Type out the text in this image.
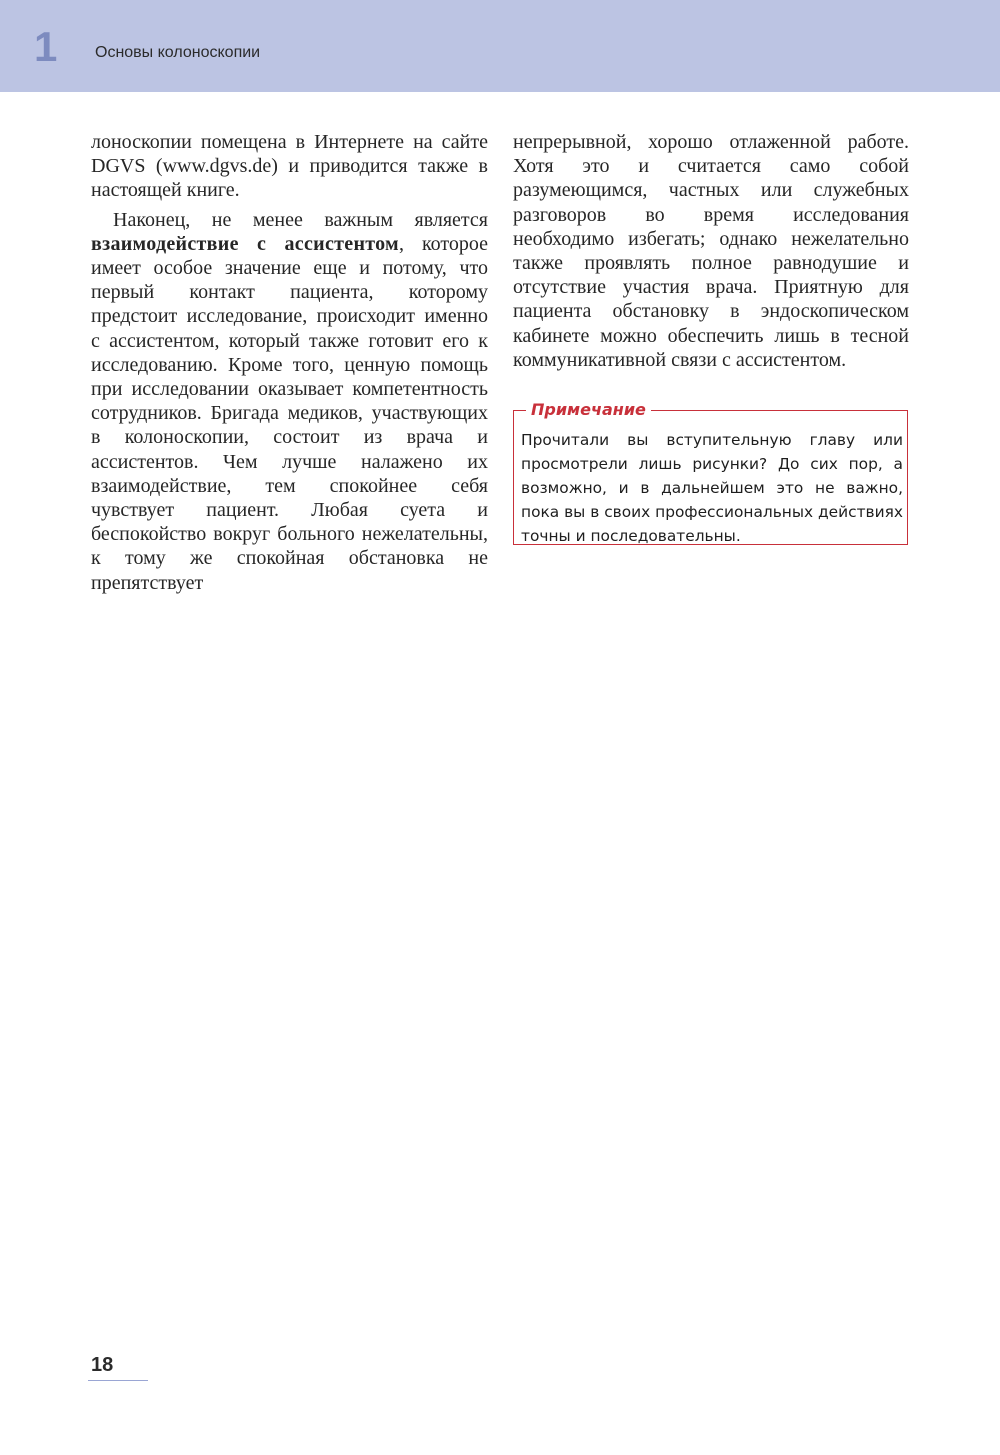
1 Основы колоноскопии

лоноскопии помещена в Интернете на сайте DGVS (www.dgvs.de) и приводится также в настоящей книге.

Наконец, не менее важным является взаимодействие с ассистентом, которое имеет особое значение еще и потому, что первый контакт пациента, которому предстоит исследование, происходит именно с ассистентом, который также готовит его к исследованию. Кроме того, ценную помощь при исследовании оказывает компетентность сотрудников. Бригада медиков, участвующих в колоноскопии, состоит из врача и ассистентов. Чем лучше налажено их взаимодействие, тем спокойнее себя чувствует пациент. Любая суета и беспокойство вокруг больного нежелательны, к тому же спокойная обстановка не препятствует

непрерывной, хорошо отлаженной работе. Хотя это и считается само собой разумеющимся, частных или служебных разговоров во время исследования необходимо избегать; однако нежелательно также проявлять полное равнодушие и отсутствие участия врача. Приятную для пациента обстановку в эндоскопическом кабинете можно обеспечить лишь в тесной коммуникативной связи с ассистентом.

Примечание
Прочитали вы вступительную главу или просмотрели лишь рисунки? До сих пор, а возможно, и в дальнейшем это не важно, пока вы в своих профессиональных действиях точны и последовательны.
18
